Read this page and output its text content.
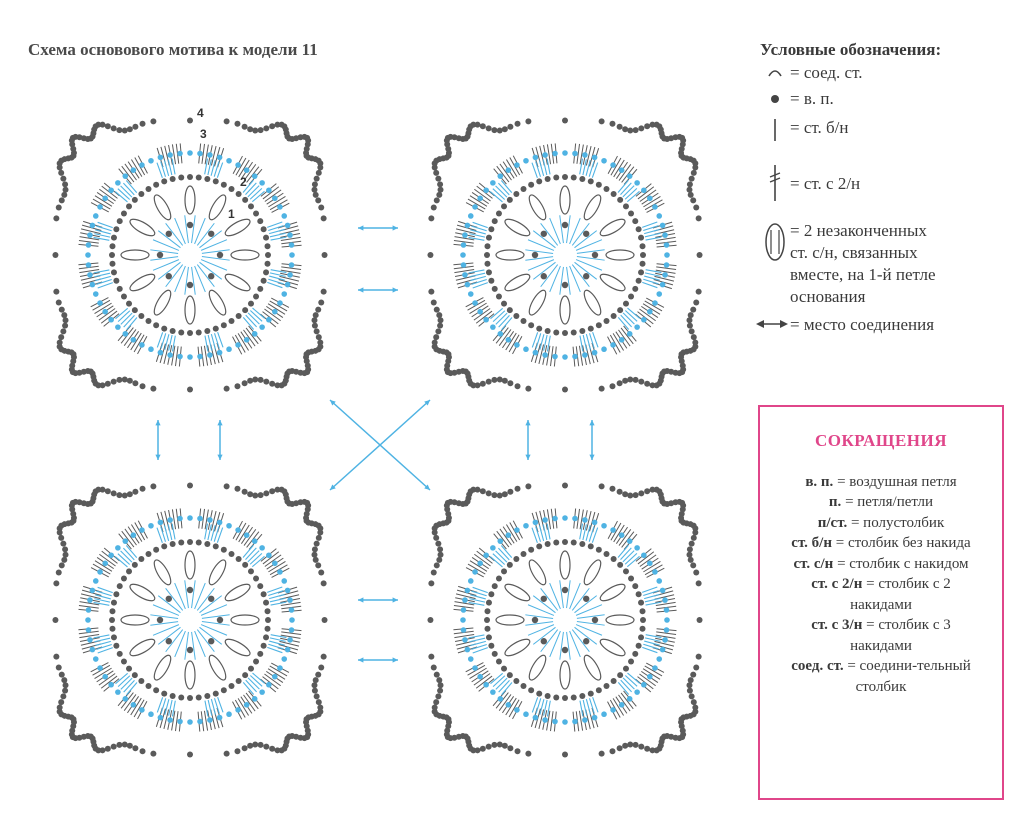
Схема основового мотива к модели 11
1
2
3
4
Условные обозначения:
= соед. ст.
= в. п.
= ст. б/н
= ст. с 2/н
= 2 незаконченных
ст. с/н, связанных
вместе, на 1-й петле
основания
= место соединения
СОКРАЩЕНИЯ
в. п. = воздушная петля
п. = петля/петли
п/ст. = полустолбик
ст. б/н = столбик без накида
ст. с/н = столбик с накидом
ст. с 2/н = столбик с 2 накидами
ст. с 3/н = столбик с 3 накидами
соед. ст. = соедини-тельный столбик
